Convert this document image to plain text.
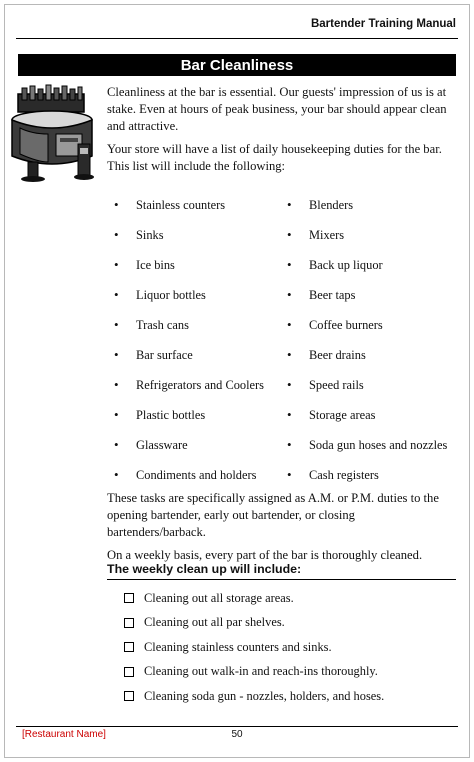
Bartender Training Manual
Bar Cleanliness

Cleanliness at the bar is essential. Our guests' impression of us is at stake. Even at hours of peak business, your bar should appear clean and attractive.

Your store will have a list of daily housekeeping duties for the bar. This list will include the following:

• Stainless counters
• Sinks
• Ice bins
• Liquor bottles
• Trash cans
• Bar surface
• Refrigerators and Coolers
• Plastic bottles
• Glassware
• Condiments and holders
• Blenders
• Mixers
• Back up liquor
• Beer taps
• Coffee burners
• Beer drains
• Speed rails
• Storage areas
• Soda gun hoses and nozzles
• Cash registers

These tasks are specifically assigned as A.M. or P.M. duties to the opening bartender, early out bartender, or closing bartenders/barback.

On a weekly basis, every part of the bar is thoroughly cleaned.

The weekly clean up will include:
Cleaning out all storage areas.
Cleaning out all par shelves.
Cleaning stainless counters and sinks.
Cleaning out walk-in and reach-ins thoroughly.
Cleaning soda gun - nozzles, holders, and hoses.
[Restaurant Name]	50
